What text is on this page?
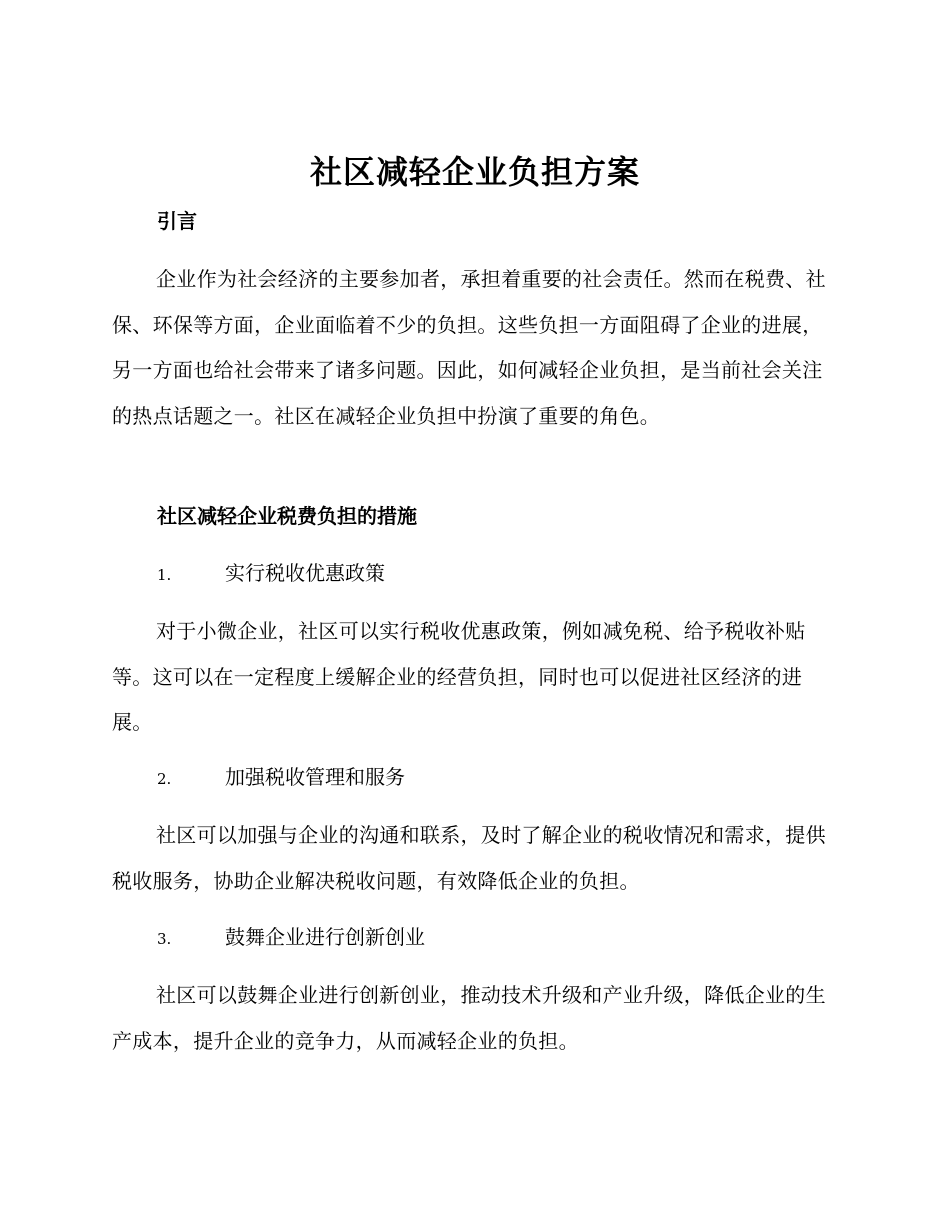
社区减轻企业负担方案
引言
企业作为社会经济的主要参加者，承担着重要的社会责任。然而在税费、社保、环保等方面，企业面临着不少的负担。这些负担一方面阻碍了企业的进展，另一方面也给社会带来了诸多问题。因此，如何减轻企业负担，是当前社会关注的热点话题之一。社区在减轻企业负担中扮演了重要的角色。
社区减轻企业税费负担的措施
1.	实行税收优惠政策
对于小微企业，社区可以实行税收优惠政策，例如减免税、给予税收补贴等。这可以在一定程度上缓解企业的经营负担，同时也可以促进社区经济的进展。
2.	加强税收管理和服务
社区可以加强与企业的沟通和联系，及时了解企业的税收情况和需求，提供税收服务，协助企业解决税收问题，有效降低企业的负担。
3.	鼓舞企业进行创新创业
社区可以鼓舞企业进行创新创业，推动技术升级和产业升级，降低企业的生产成本，提升企业的竞争力，从而减轻企业的负担。
